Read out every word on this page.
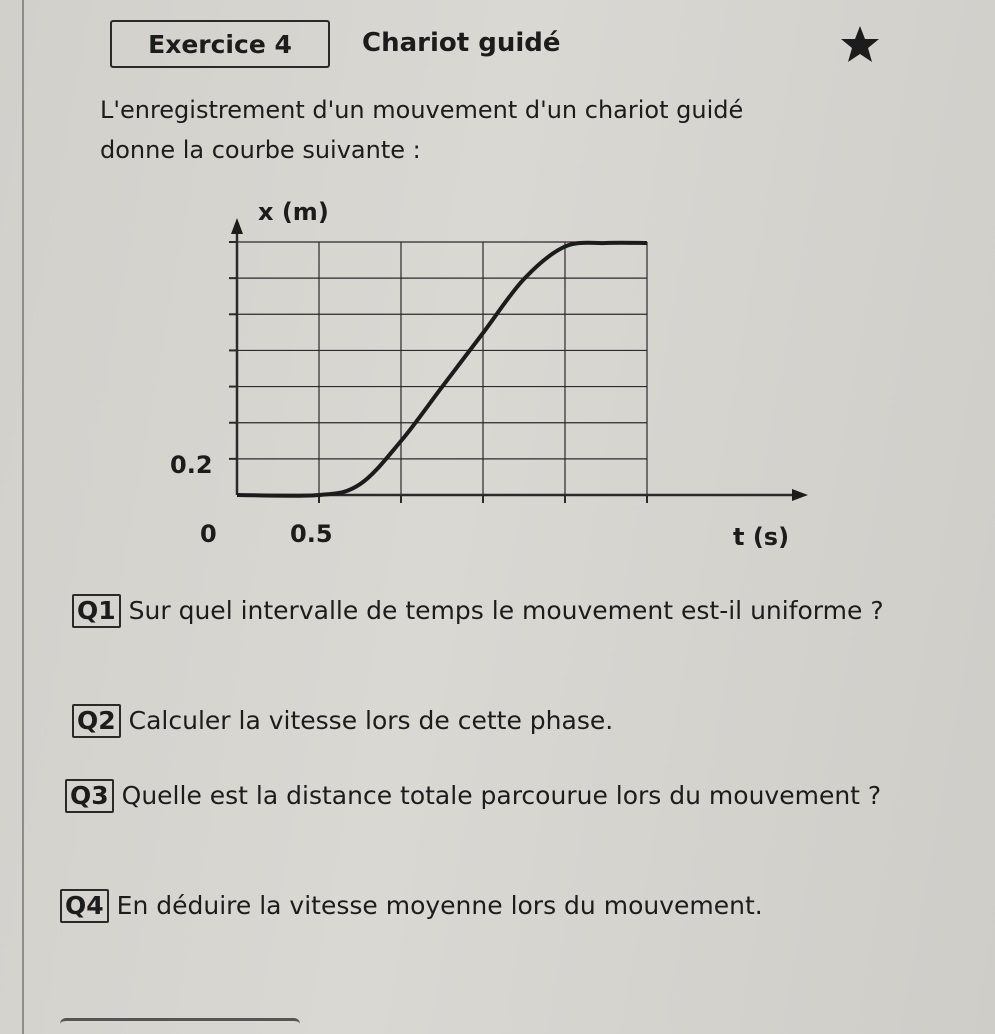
Exercice 4	Chariot guidé
L'enregistrement d'un mouvement d'un chariot guidé
donne la courbe suivante :
x (m)
t (s)
0.2
0	0.5
Q1 Sur quel intervalle de temps le mouvement est-il uniforme ?
Q2 Calculer la vitesse lors de cette phase.
Q3 Quelle est la distance totale parcourue lors du mouvement ?
Q4 En déduire la vitesse moyenne lors du mouvement.
